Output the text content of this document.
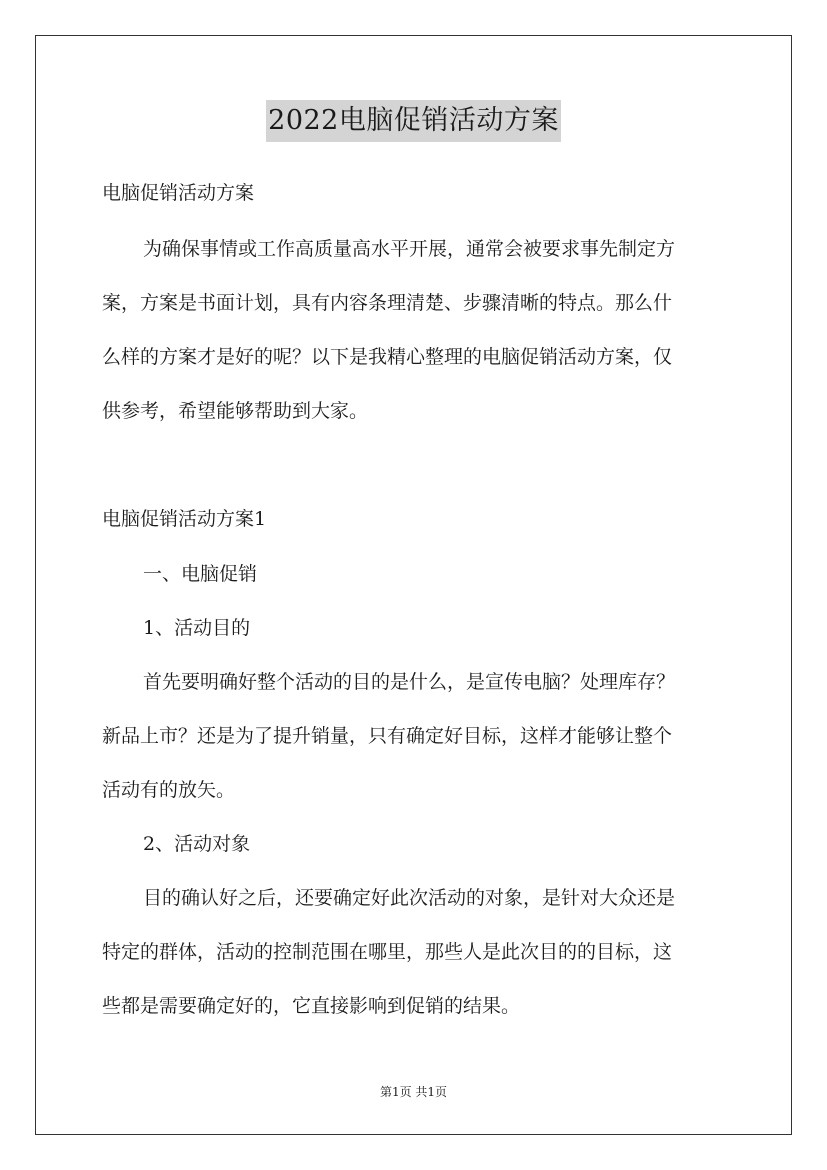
2022电脑促销活动方案
电脑促销活动方案
为确保事情或工作高质量高水平开展，通常会被要求事先制定方
案，方案是书面计划，具有内容条理清楚、步骤清晰的特点。那么什
么样的方案才是好的呢？以下是我精心整理的电脑促销活动方案，仅
供参考，希望能够帮助到大家。
电脑促销活动方案1
一、电脑促销
1、活动目的
首先要明确好整个活动的目的是什么，是宣传电脑？处理库存？
新品上市？还是为了提升销量，只有确定好目标，这样才能够让整个
活动有的放矢。
2、活动对象
目的确认好之后，还要确定好此次活动的对象，是针对大众还是
特定的群体，活动的控制范围在哪里，那些人是此次目的的目标，这
些都是需要确定好的，它直接影响到促销的结果。
第1页 共1页
